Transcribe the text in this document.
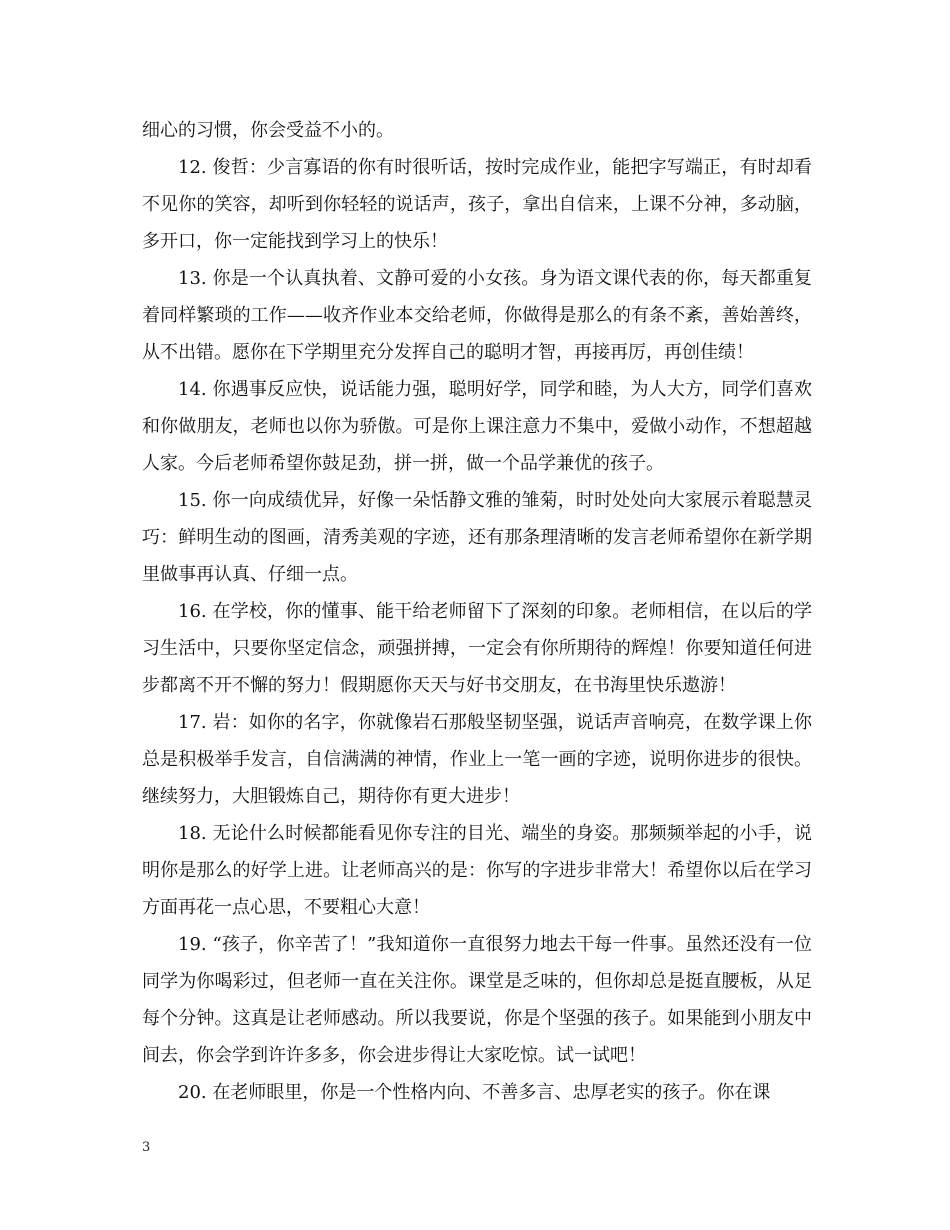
细心的习惯，你会受益不小的。

12. 俊哲：少言寡语的你有时很听话，按时完成作业，能把字写端正，有时却看不见你的笑容，却听到你轻轻的说话声，孩子，拿出自信来，上课不分神，多动脑，多开口，你一定能找到学习上的快乐！

13. 你是一个认真执着、文静可爱的小女孩。身为语文课代表的你，每天都重复着同样繁琐的工作——收齐作业本交给老师，你做得是那么的有条不紊，善始善终，从不出错。愿你在下学期里充分发挥自己的聪明才智，再接再厉，再创佳绩！

14. 你遇事反应快，说话能力强，聪明好学，同学和睦，为人大方，同学们喜欢和你做朋友，老师也以你为骄傲。可是你上课注意力不集中，爱做小动作，不想超越人家。今后老师希望你鼓足劲，拼一拼，做一个品学兼优的孩子。

15. 你一向成绩优异，好像一朵恬静文雅的雏菊，时时处处向大家展示着聪慧灵巧：鲜明生动的图画，清秀美观的字迹，还有那条理清晰的发言老师希望你在新学期里做事再认真、仔细一点。

16. 在学校，你的懂事、能干给老师留下了深刻的印象。老师相信，在以后的学习生活中，只要你坚定信念，顽强拼搏，一定会有你所期待的辉煌！你要知道任何进步都离不开不懈的努力！假期愿你天天与好书交朋友，在书海里快乐遨游！

17. 岩：如你的名字，你就像岩石那般坚韧坚强，说话声音响亮，在数学课上你总是积极举手发言，自信满满的神情，作业上一笔一画的字迹，说明你进步的很快。继续努力，大胆锻炼自己，期待你有更大进步！

18. 无论什么时候都能看见你专注的目光、端坐的身姿。那频频举起的小手，说明你是那么的好学上进。让老师高兴的是：你写的字进步非常大！希望你以后在学习方面再花一点心思，不要粗心大意！

19. “孩子，你辛苦了！”我知道你一直很努力地去干每一件事。虽然还没有一位同学为你喝彩过，但老师一直在关注你。课堂是乏味的，但你却总是挺直腰板，从足每个分钟。这真是让老师感动。所以我要说，你是个坚强的孩子。如果能到小朋友中间去，你会学到许许多多，你会进步得让大家吃惊。试一试吧！

20. 在老师眼里，你是一个性格内向、不善多言、忠厚老实的孩子。你在课

3
